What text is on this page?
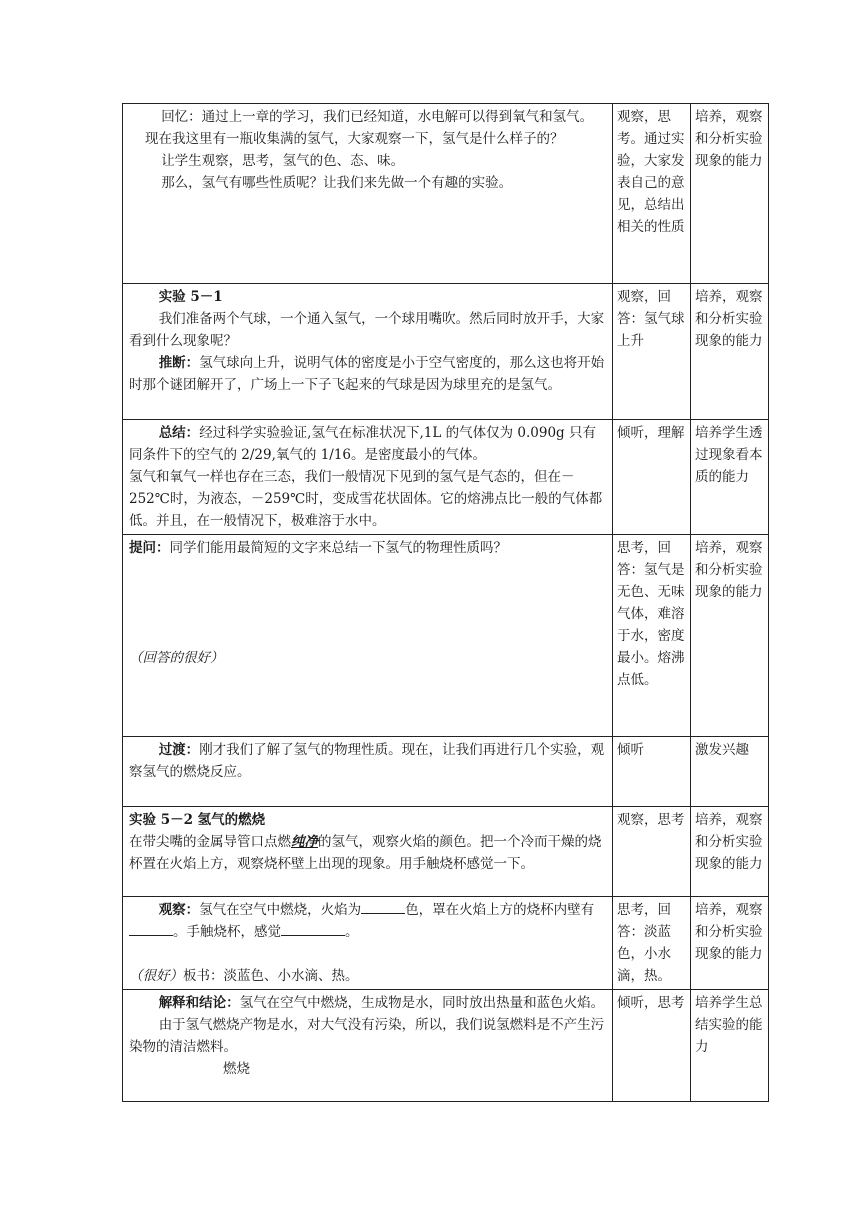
回忆：通过上一章的学习，我们已经知道，水电解可以得到氧气和氢气。现在我这里有一瓶收集满的氢气，大家观察一下，氢气是什么样子的？

让学生观察，思考，氢气的色、态、味。

那么，氢气有哪些性质呢？让我们来先做一个有趣的实验。	观察，思考。通过实验，大家发表自己的意见，总结出相关的性质	培养，观察和分析实验现象的能力

实验 5－1

我们准备两个气球，一个通入氢气，一个球用嘴吹。然后同时放开手，大家看到什么现象呢？

推断：氢气球向上升，说明气体的密度是小于空气密度的，那么这也将开始时那个谜团解开了，广场上一下子飞起来的气球是因为球里充的是氢气。	观察，回答：氢气球上升	培养，观察和分析实验现象的能力

总结：经过科学实验验证,氢气在标准状况下,1L 的气体仅为 0.090g 只有同条件下的空气的 2/29,氧气的 1/16。是密度最小的气体。

氢气和氧气一样也存在三态，我们一般情况下见到的氢气是气态的，但在－252℃时，为液态，－259℃时，变成雪花状固体。它的熔沸点比一般的气体都低。并且，在一般情况下，极难溶于水中。	倾听，理解	培养学生透过现象看本质的能力

提问：同学们能用最简短的文字来总结一下氢气的物理性质吗？

（回答的很好）	思考，回答：氢气是无色、无味气体，难溶于水，密度最小。熔沸点低。	培养，观察和分析实验现象的能力

过渡：刚才我们了解了氢气的物理性质。现在，让我们再进行几个实验，观察氢气的燃烧反应。	倾听	激发兴趣

实验 5－2 氢气的燃烧

在带尖嘴的金属导管口点燃纯净的氢气，观察火焰的颜色。把一个冷而干燥的烧杯置在火焰上方，观察烧杯壁上出现的现象。用手触烧杯感觉一下。	观察，思考	培养，观察和分析实验现象的能力

观察：氢气在空气中燃烧，火焰为 色，罩在火焰上方的烧杯内壁有。手触烧杯，感觉 。

（很好）板书：淡蓝色、小水滴、热。	思考，回答：淡蓝色，小水滴，热。	培养，观察和分析实验现象的能力

解释和结论：氢气在空气中燃烧，生成物是水，同时放出热量和蓝色火焰。

由于氢气燃烧产物是水，对大气没有污染，所以，我们说氢燃料是不产生污染物的清洁燃料。

燃烧	倾听，思考	培养学生总结实验的能力
